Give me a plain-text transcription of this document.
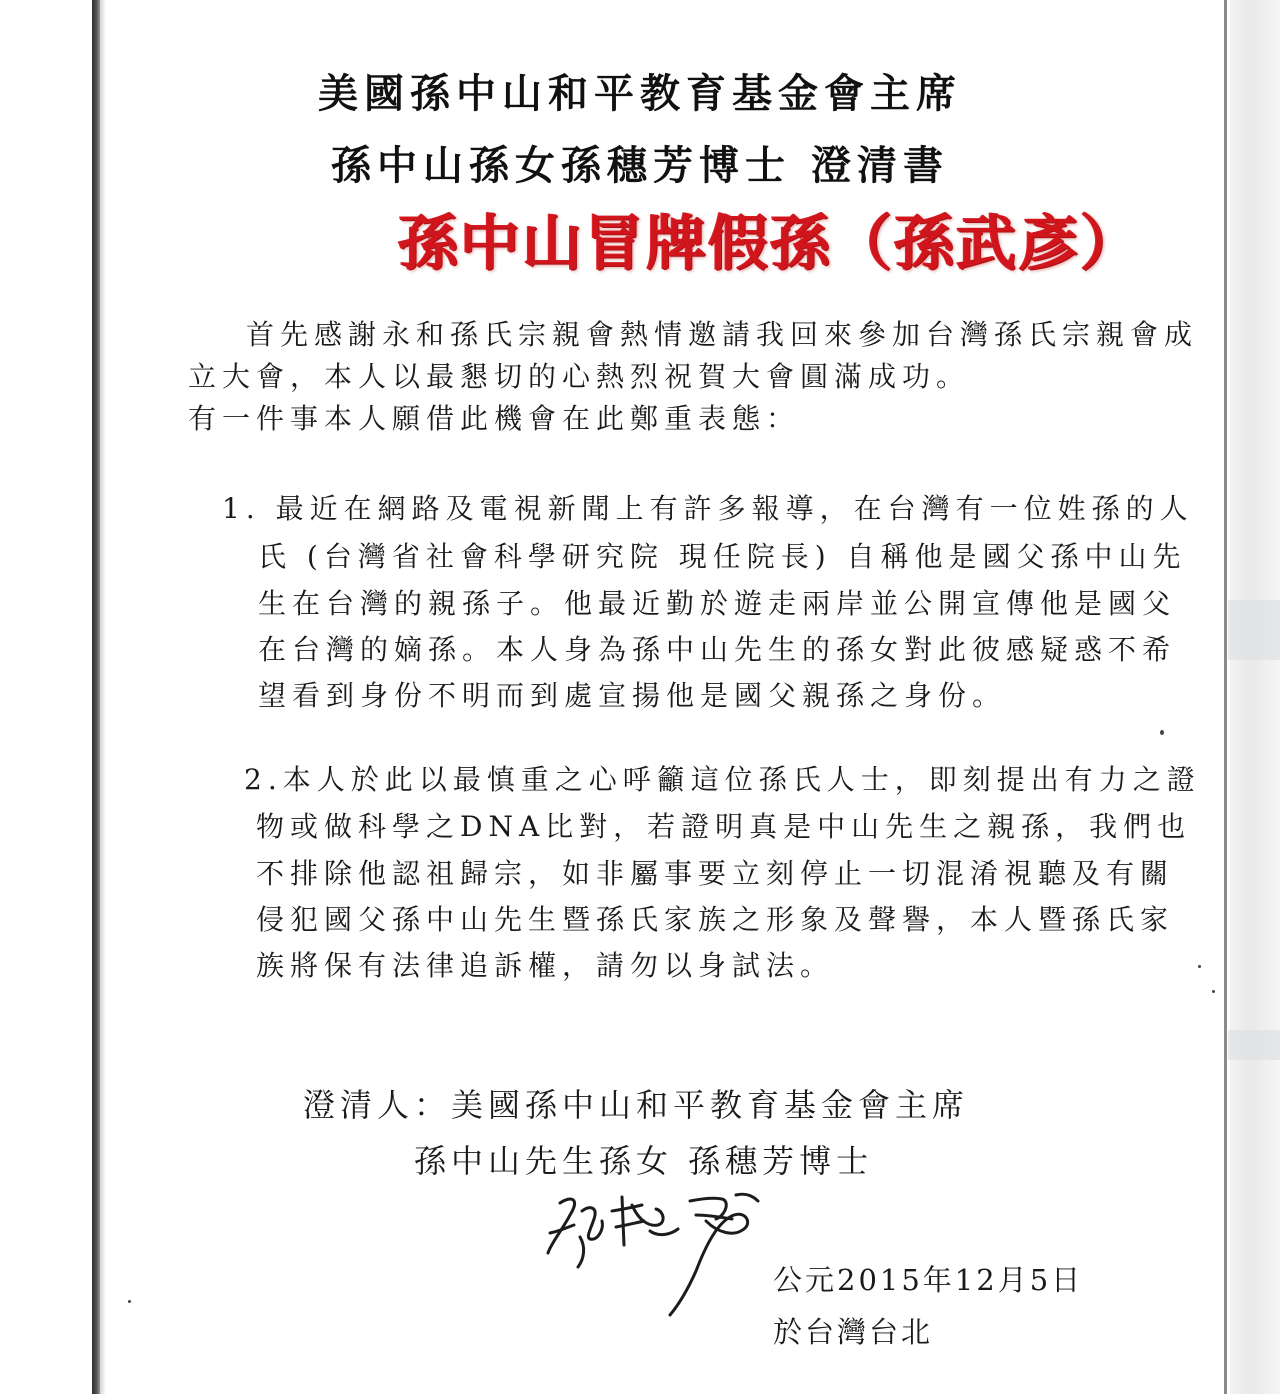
美國孫中山和平教育基金會主席
孫中山孫女孫穗芳博士 澄清書
孫中山冒牌假孫（孫武彥）
首先感謝永和孫氏宗親會熱情邀請我回來參加台灣孫氏宗親會成
立大會，本人以最懇切的心熱烈祝賀大會圓滿成功。
有一件事本人願借此機會在此鄭重表態：
1. 最近在網路及電視新聞上有許多報導，在台灣有一位姓孫的人
氏 (台灣省社會科學研究院 現任院長) 自稱他是國父孫中山先
生在台灣的親孫子。他最近勤於遊走兩岸並公開宣傳他是國父
在台灣的嫡孫。本人身為孫中山先生的孫女對此彼感疑惑不希
望看到身份不明而到處宣揚他是國父親孫之身份。
2.本人於此以最慎重之心呼籲這位孫氏人士，即刻提出有力之證
物或做科學之DNA比對，若證明真是中山先生之親孫，我們也
不排除他認祖歸宗，如非屬事要立刻停止一切混淆視聽及有關
侵犯國父孫中山先生暨孫氏家族之形象及聲譽，本人暨孫氏家
族將保有法律追訴權，請勿以身試法。
澄清人：美國孫中山和平教育基金會主席
孫中山先生孫女 孫穗芳博士
公元2015年12月5日
於台灣台北
